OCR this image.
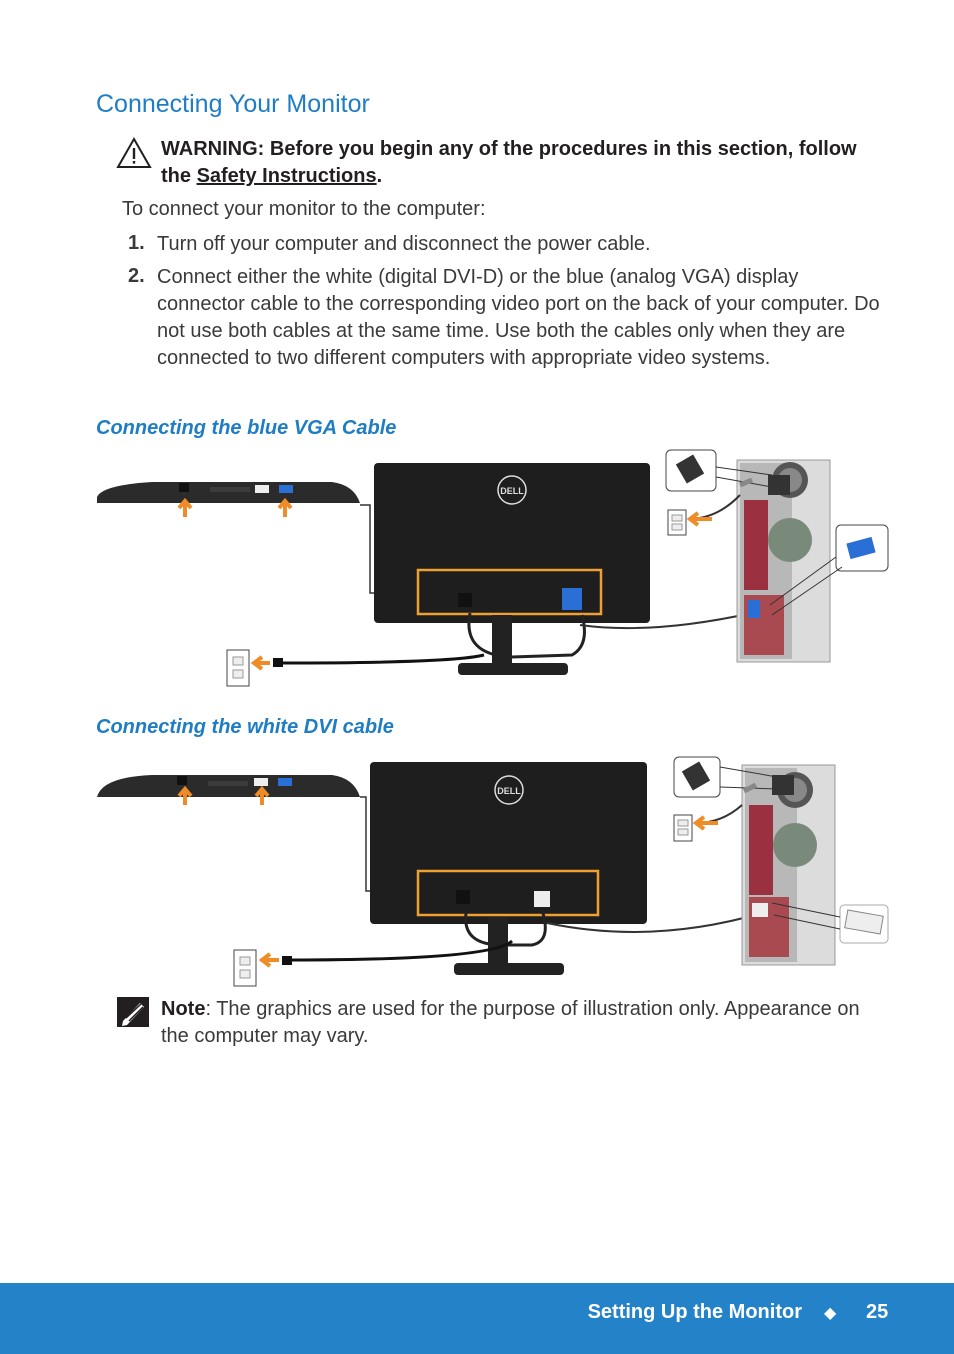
Connecting Your Monitor
WARNING: Before you begin any of the procedures in this section, follow the Safety Instructions.
To connect your monitor to the computer:
1. Turn off your computer and disconnect the power cable.
2. Connect either the white (digital DVI-D) or the blue (analog VGA) display connector cable to the corresponding video port on the back of your computer. Do not use both cables at the same time. Use both the cables only when they are connected to two different computers with appropriate video systems.
Connecting the blue VGA Cable
DELL
Connecting the white DVI cable
DELL
Note: The graphics are used for the purpose of illustration only. Appearance on the computer may vary.
Setting Up the Monitor ◆ 25
